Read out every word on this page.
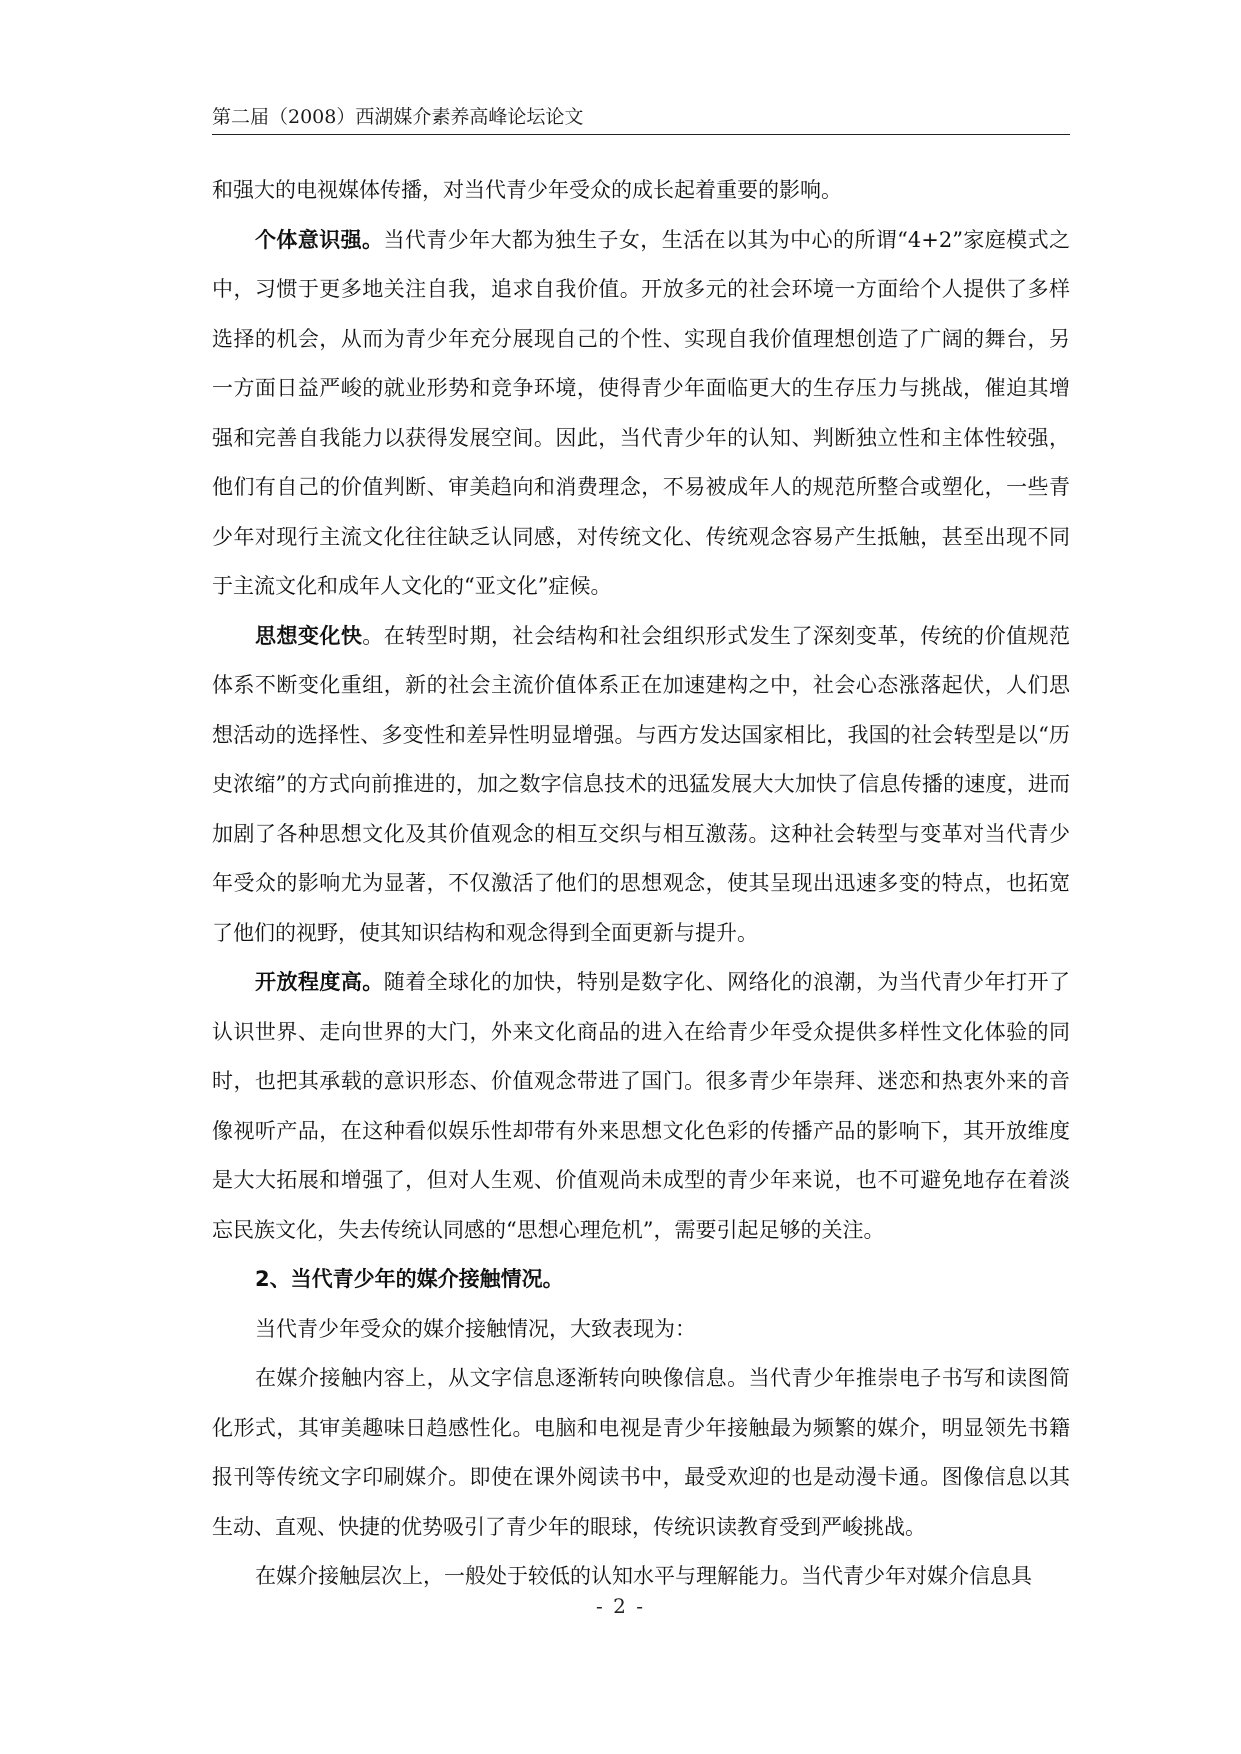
第二届（2008）西湖媒介素养高峰论坛论文

和强大的电视媒体传播，对当代青少年受众的成长起着重要的影响。

个体意识强。当代青少年大都为独生子女，生活在以其为中心的所谓“4+2”家庭模式之中，习惯于更多地关注自我，追求自我价值。开放多元的社会环境一方面给个人提供了多样选择的机会，从而为青少年充分展现自己的个性、实现自我价值理想创造了广阔的舞台，另一方面日益严峻的就业形势和竞争环境，使得青少年面临更大的生存压力与挑战，催迫其增强和完善自我能力以获得发展空间。因此，当代青少年的认知、判断独立性和主体性较强，他们有自己的价值判断、审美趋向和消费理念，不易被成年人的规范所整合或塑化，一些青少年对现行主流文化往往缺乏认同感，对传统文化、传统观念容易产生抵触，甚至出现不同于主流文化和成年人文化的“亚文化”症候。

思想变化快。在转型时期，社会结构和社会组织形式发生了深刻变革，传统的价值规范体系不断变化重组，新的社会主流价值体系正在加速建构之中，社会心态涨落起伏，人们思想活动的选择性、多变性和差异性明显增强。与西方发达国家相比，我国的社会转型是以“历史浓缩”的方式向前推进的，加之数字信息技术的迅猛发展大大加快了信息传播的速度，进而加剧了各种思想文化及其价值观念的相互交织与相互激荡。这种社会转型与变革对当代青少年受众的影响尤为显著，不仅激活了他们的思想观念，使其呈现出迅速多变的特点，也拓宽了他们的视野，使其知识结构和观念得到全面更新与提升。

开放程度高。随着全球化的加快，特别是数字化、网络化的浪潮，为当代青少年打开了认识世界、走向世界的大门，外来文化商品的进入在给青少年受众提供多样性文化体验的同时，也把其承载的意识形态、价值观念带进了国门。很多青少年崇拜、迷恋和热衷外来的音像视听产品，在这种看似娱乐性却带有外来思想文化色彩的传播产品的影响下，其开放维度是大大拓展和增强了，但对人生观、价值观尚未成型的青少年来说，也不可避免地存在着淡忘民族文化，失去传统认同感的“思想心理危机”，需要引起足够的关注。

2、当代青少年的媒介接触情况。

当代青少年受众的媒介接触情况，大致表现为：

在媒介接触内容上，从文字信息逐渐转向映像信息。当代青少年推崇电子书写和读图简化形式，其审美趣味日趋感性化。电脑和电视是青少年接触最为频繁的媒介，明显领先书籍报刊等传统文字印刷媒介。即使在课外阅读书中，最受欢迎的也是动漫卡通。图像信息以其生动、直观、快捷的优势吸引了青少年的眼球，传统识读教育受到严峻挑战。

在媒介接触层次上，一般处于较低的认知水平与理解能力。当代青少年对媒介信息具

- 2 -
